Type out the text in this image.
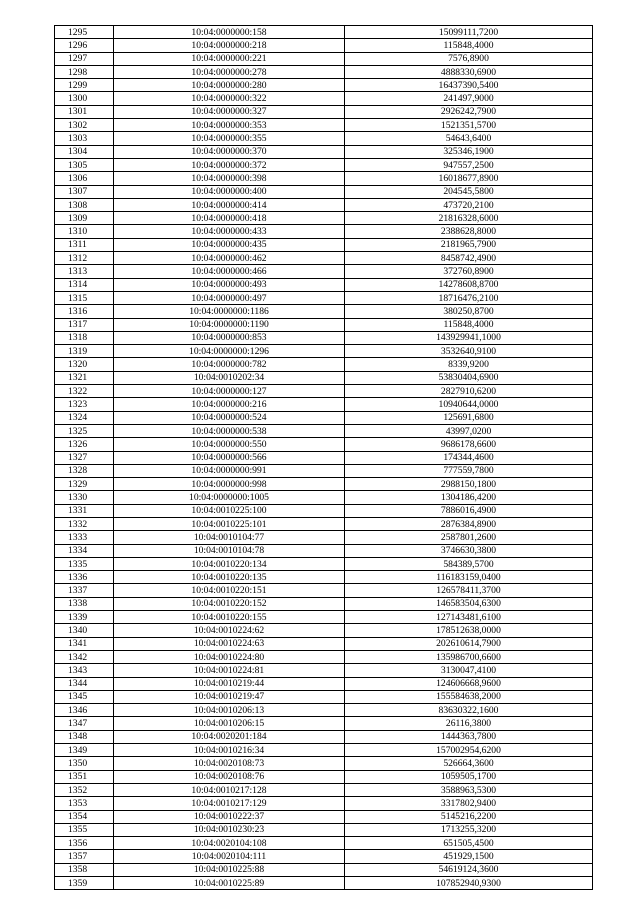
1295	10:04:0000000:158	15099111,7200
1296	10:04:0000000:218	115848,4000
1297	10:04:0000000:221	7576,8900
1298	10:04:0000000:278	4888330,6900
1299	10:04:0000000:280	16437390,5400
1300	10:04:0000000:322	241497,9000
1301	10:04:0000000:327	2926242,7900
1302	10:04:0000000:353	1521351,5700
1303	10:04:0000000:355	54643,6400
1304	10:04:0000000:370	325346,1900
1305	10:04:0000000:372	947557,2500
1306	10:04:0000000:398	16018677,8900
1307	10:04:0000000:400	204545,5800
1308	10:04:0000000:414	473720,2100
1309	10:04:0000000:418	21816328,6000
1310	10:04:0000000:433	2388628,8000
1311	10:04:0000000:435	2181965,7900
1312	10:04:0000000:462	8458742,4900
1313	10:04:0000000:466	372760,8900
1314	10:04:0000000:493	14278608,8700
1315	10:04:0000000:497	18716476,2100
1316	10:04:0000000:1186	380250,8700
1317	10:04:0000000:1190	115848,4000
1318	10:04:0000000:853	143929941,1000
1319	10:04:0000000:1296	3532640,9100
1320	10:04:0000000:782	8339,9200
1321	10:04:0010202:34	53830404,6900
1322	10:04:0000000:127	2827910,6200
1323	10:04:0000000:216	10940644,0000
1324	10:04:0000000:524	125691,6800
1325	10:04:0000000:538	43997,0200
1326	10:04:0000000:550	9686178,6600
1327	10:04:0000000:566	174344,4600
1328	10:04:0000000:991	777559,7800
1329	10:04:0000000:998	2988150,1800
1330	10:04:0000000:1005	1304186,4200
1331	10:04:0010225:100	7886016,4900
1332	10:04:0010225:101	2876384,8900
1333	10:04:0010104:77	2587801,2600
1334	10:04:0010104:78	3746630,3800
1335	10:04:0010220:134	584389,5700
1336	10:04:0010220:135	116183159,0400
1337	10:04:0010220:151	126578411,3700
1338	10:04:0010220:152	146583504,6300
1339	10:04:0010220:155	127143481,6100
1340	10:04:0010224:62	178512638,0000
1341	10:04:0010224:63	202610614,7900
1342	10:04:0010224:80	135986700,6600
1343	10:04:0010224:81	3130047,4100
1344	10:04:0010219:44	124606668,9600
1345	10:04:0010219:47	155584638,2000
1346	10:04:0010206:13	83630322,1600
1347	10:04:0010206:15	26116,3800
1348	10:04:0020201:184	1444363,7800
1349	10:04:0010216:34	157002954,6200
1350	10:04:0020108:73	526664,3600
1351	10:04:0020108:76	1059505,1700
1352	10:04:0010217:128	3588963,5300
1353	10:04:0010217:129	3317802,9400
1354	10:04:0010222:37	5145216,2200
1355	10:04:0010230:23	1713255,3200
1356	10:04:0020104:108	651505,4500
1357	10:04:0020104:111	451929,1500
1358	10:04:0010225:88	54619124,3600
1359	10:04:0010225:89	107852940,9300
